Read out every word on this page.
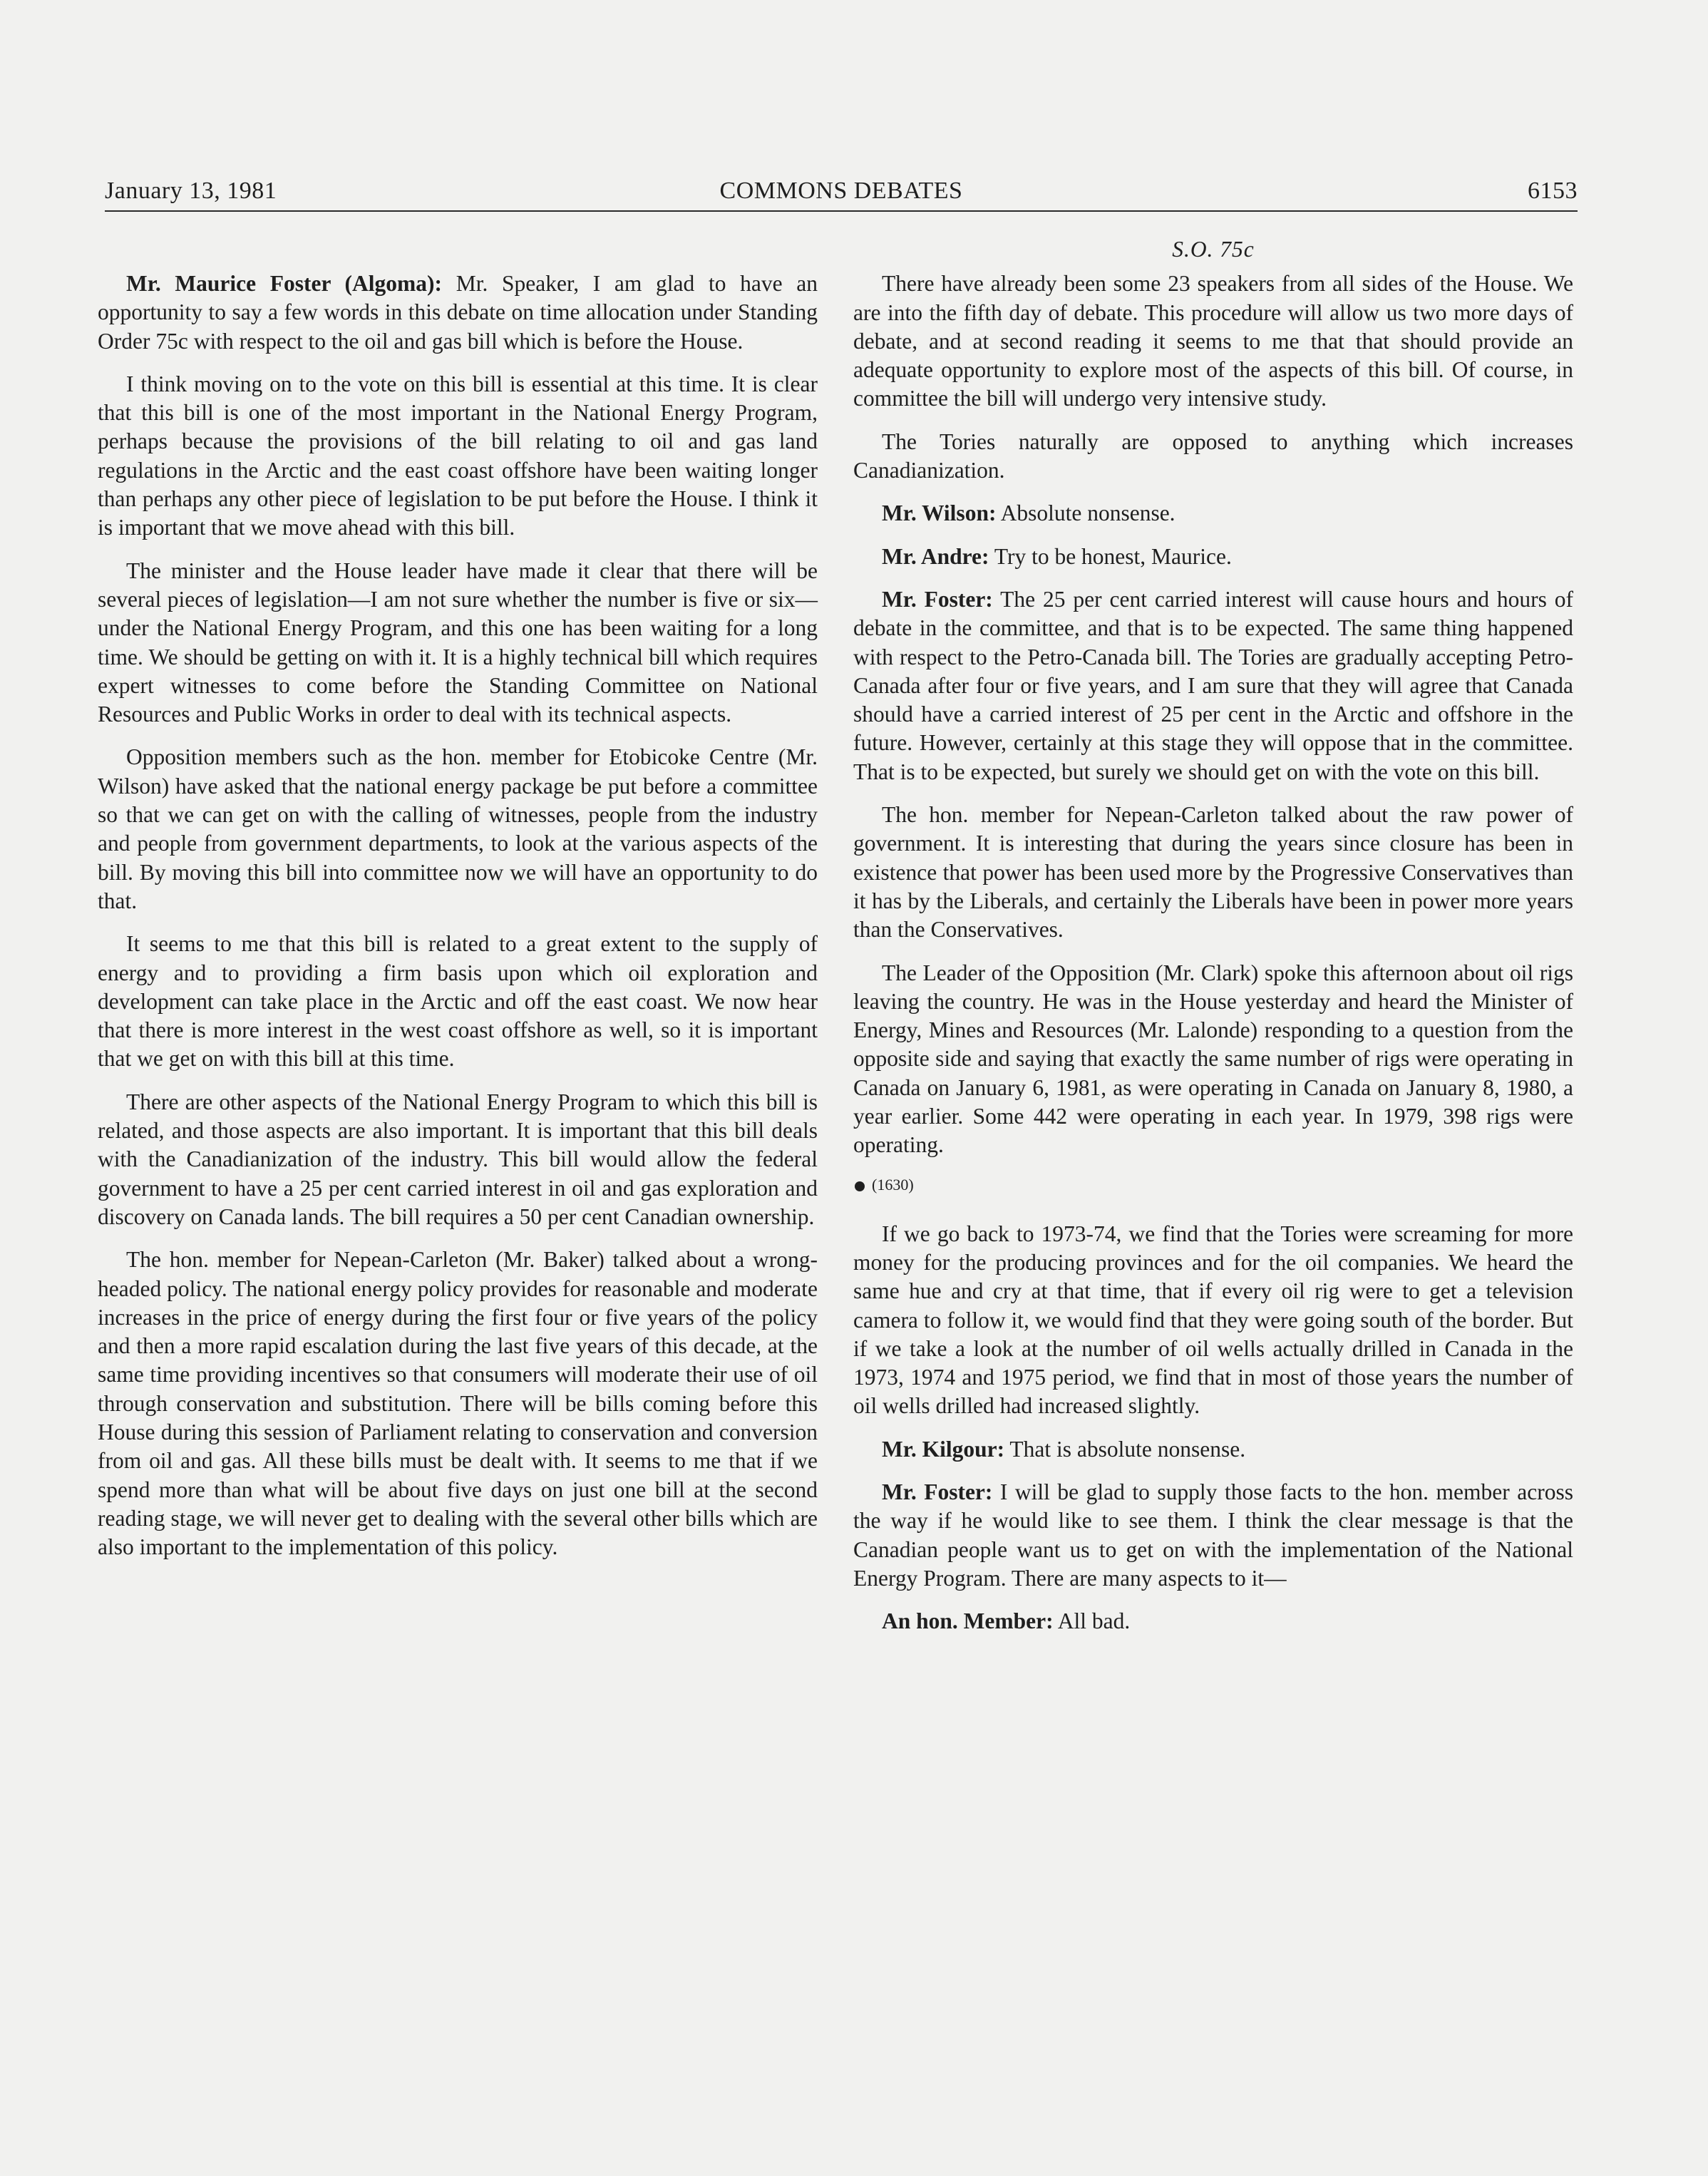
January 13, 1981	COMMONS DEBATES	6153

Mr. Maurice Foster (Algoma): Mr. Speaker, I am glad to have an opportunity to say a few words in this debate on time allocation under Standing Order 75c with respect to the oil and gas bill which is before the House.

I think moving on to the vote on this bill is essential at this time. It is clear that this bill is one of the most important in the National Energy Program, perhaps because the provisions of the bill relating to oil and gas land regulations in the Arctic and the east coast offshore have been waiting longer than perhaps any other piece of legislation to be put before the House. I think it is important that we move ahead with this bill.

The minister and the House leader have made it clear that there will be several pieces of legislation—I am not sure whether the number is five or six—under the National Energy Program, and this one has been waiting for a long time. We should be getting on with it. It is a highly technical bill which requires expert witnesses to come before the Standing Committee on National Resources and Public Works in order to deal with its technical aspects.

Opposition members such as the hon. member for Etobicoke Centre (Mr. Wilson) have asked that the national energy package be put before a committee so that we can get on with the calling of witnesses, people from the industry and people from government departments, to look at the various aspects of the bill. By moving this bill into committee now we will have an opportunity to do that.

It seems to me that this bill is related to a great extent to the supply of energy and to providing a firm basis upon which oil exploration and development can take place in the Arctic and off the east coast. We now hear that there is more interest in the west coast offshore as well, so it is important that we get on with this bill at this time.

There are other aspects of the National Energy Program to which this bill is related, and those aspects are also important. It is important that this bill deals with the Canadianization of the industry. This bill would allow the federal government to have a 25 per cent carried interest in oil and gas exploration and discovery on Canada lands. The bill requires a 50 per cent Canadian ownership.

The hon. member for Nepean-Carleton (Mr. Baker) talked about a wrong-headed policy. The national energy policy provides for reasonable and moderate increases in the price of energy during the first four or five years of the policy and then a more rapid escalation during the last five years of this decade, at the same time providing incentives so that consumers will moderate their use of oil through conservation and substitution. There will be bills coming before this House during this session of Parliament relating to conservation and conversion from oil and gas. All these bills must be dealt with. It seems to me that if we spend more than what will be about five days on just one bill at the second reading stage, we will never get to dealing with the several other bills which are also important to the implementation of this policy.

S.O. 75c

There have already been some 23 speakers from all sides of the House. We are into the fifth day of debate. This procedure will allow us two more days of debate, and at second reading it seems to me that that should provide an adequate opportunity to explore most of the aspects of this bill. Of course, in committee the bill will undergo very intensive study.

The Tories naturally are opposed to anything which increases Canadianization.

Mr. Wilson: Absolute nonsense.

Mr. Andre: Try to be honest, Maurice.

Mr. Foster: The 25 per cent carried interest will cause hours and hours of debate in the committee, and that is to be expected. The same thing happened with respect to the Petro-Canada bill. The Tories are gradually accepting Petro-Canada after four or five years, and I am sure that they will agree that Canada should have a carried interest of 25 per cent in the Arctic and offshore in the future. However, certainly at this stage they will oppose that in the committee. That is to be expected, but surely we should get on with the vote on this bill.

The hon. member for Nepean-Carleton talked about the raw power of government. It is interesting that during the years since closure has been in existence that power has been used more by the Progressive Conservatives than it has by the Liberals, and certainly the Liberals have been in power more years than the Conservatives.

The Leader of the Opposition (Mr. Clark) spoke this afternoon about oil rigs leaving the country. He was in the House yesterday and heard the Minister of Energy, Mines and Resources (Mr. Lalonde) responding to a question from the opposite side and saying that exactly the same number of rigs were operating in Canada on January 6, 1981, as were operating in Canada on January 8, 1980, a year earlier. Some 442 were operating in each year. In 1979, 398 rigs were operating.

(1630)

If we go back to 1973-74, we find that the Tories were screaming for more money for the producing provinces and for the oil companies. We heard the same hue and cry at that time, that if every oil rig were to get a television camera to follow it, we would find that they were going south of the border. But if we take a look at the number of oil wells actually drilled in Canada in the 1973, 1974 and 1975 period, we find that in most of those years the number of oil wells drilled had increased slightly.

Mr. Kilgour: That is absolute nonsense.

Mr. Foster: I will be glad to supply those facts to the hon. member across the way if he would like to see them. I think the clear message is that the Canadian people want us to get on with the implementation of the National Energy Program. There are many aspects to it—

An hon. Member: All bad.
